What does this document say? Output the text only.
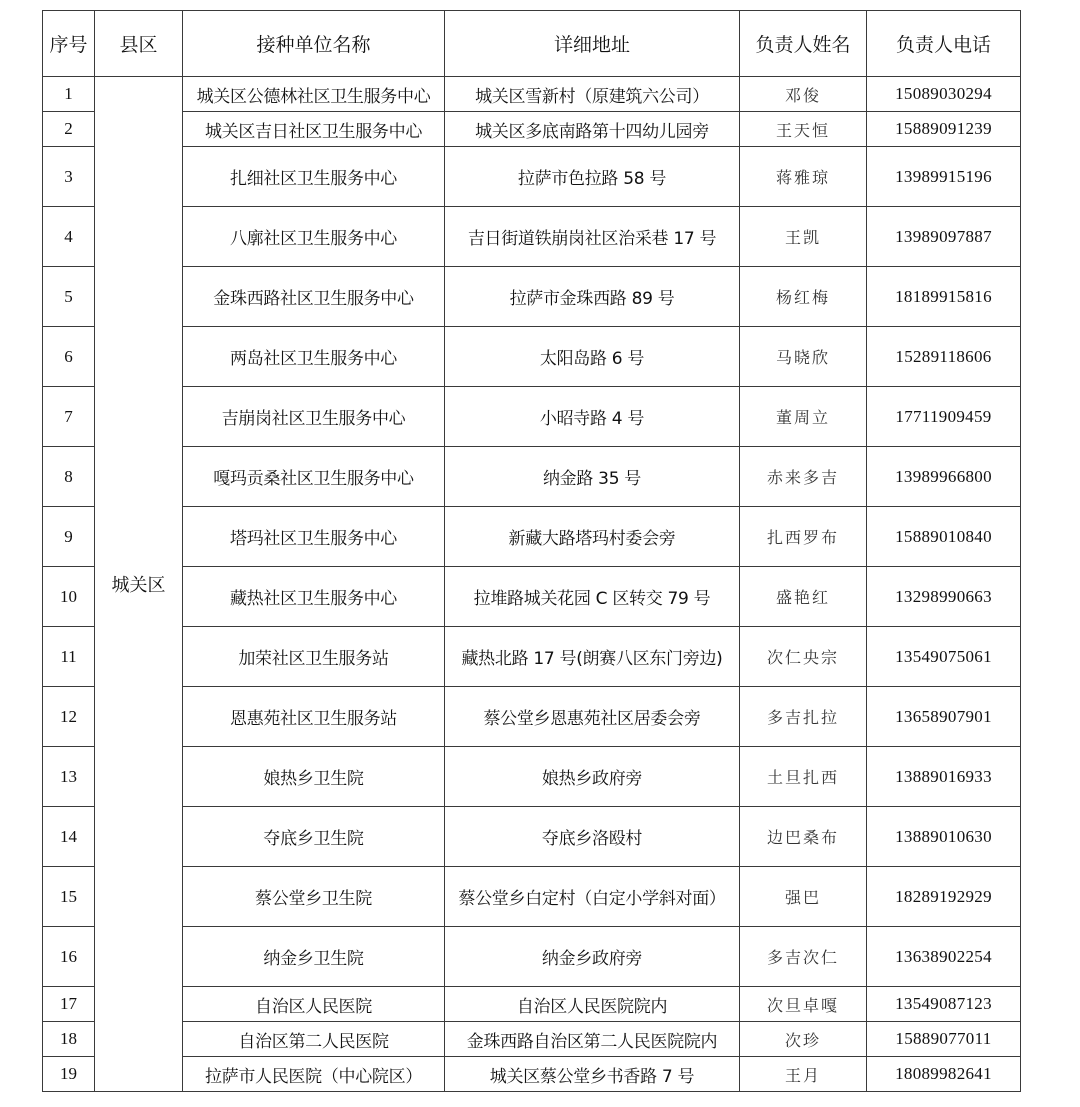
序号	县区	接种单位名称	详细地址	负责人姓名	负责人电话
1	城关区	城关区公德林社区卫生服务中心	城关区雪新村（原建筑六公司）	邓俊	15089030294
2		城关区吉日社区卫生服务中心	城关区多底南路第十四幼儿园旁	王天恒	15889091239
3		扎细社区卫生服务中心	拉萨市色拉路 58 号	蒋雅琼	13989915196
4		八廓社区卫生服务中心	吉日街道铁崩岗社区治采巷 17 号	王凯	13989097887
5		金珠西路社区卫生服务中心	拉萨市金珠西路 89 号	杨红梅	18189915816
6		两岛社区卫生服务中心	太阳岛路 6 号	马晓欣	15289118606
7		吉崩岗社区卫生服务中心	小昭寺路 4 号	董周立	17711909459
8		嘎玛贡桑社区卫生服务中心	纳金路 35 号	赤来多吉	13989966800
9		塔玛社区卫生服务中心	新藏大路塔玛村委会旁	扎西罗布	15889010840
10		藏热社区卫生服务中心	拉堆路城关花园 C 区转交 79 号	盛艳红	13298990663
11		加荣社区卫生服务站	藏热北路 17 号(朗赛八区东门旁边)	次仁央宗	13549075061
12		恩惠苑社区卫生服务站	蔡公堂乡恩惠苑社区居委会旁	多吉扎拉	13658907901
13		娘热乡卫生院	娘热乡政府旁	土旦扎西	13889016933
14		夺底乡卫生院	夺底乡洛殴村	边巴桑布	13889010630
15		蔡公堂乡卫生院	蔡公堂乡白定村（白定小学斜对面）	强巴	18289192929
16		纳金乡卫生院	纳金乡政府旁	多吉次仁	13638902254
17		自治区人民医院	自治区人民医院院内	次旦卓嘎	13549087123
18		自治区第二人民医院	金珠西路自治区第二人民医院院内	次珍	15889077011
19		拉萨市人民医院（中心院区）	城关区蔡公堂乡书香路 7 号	王月	18089982641
